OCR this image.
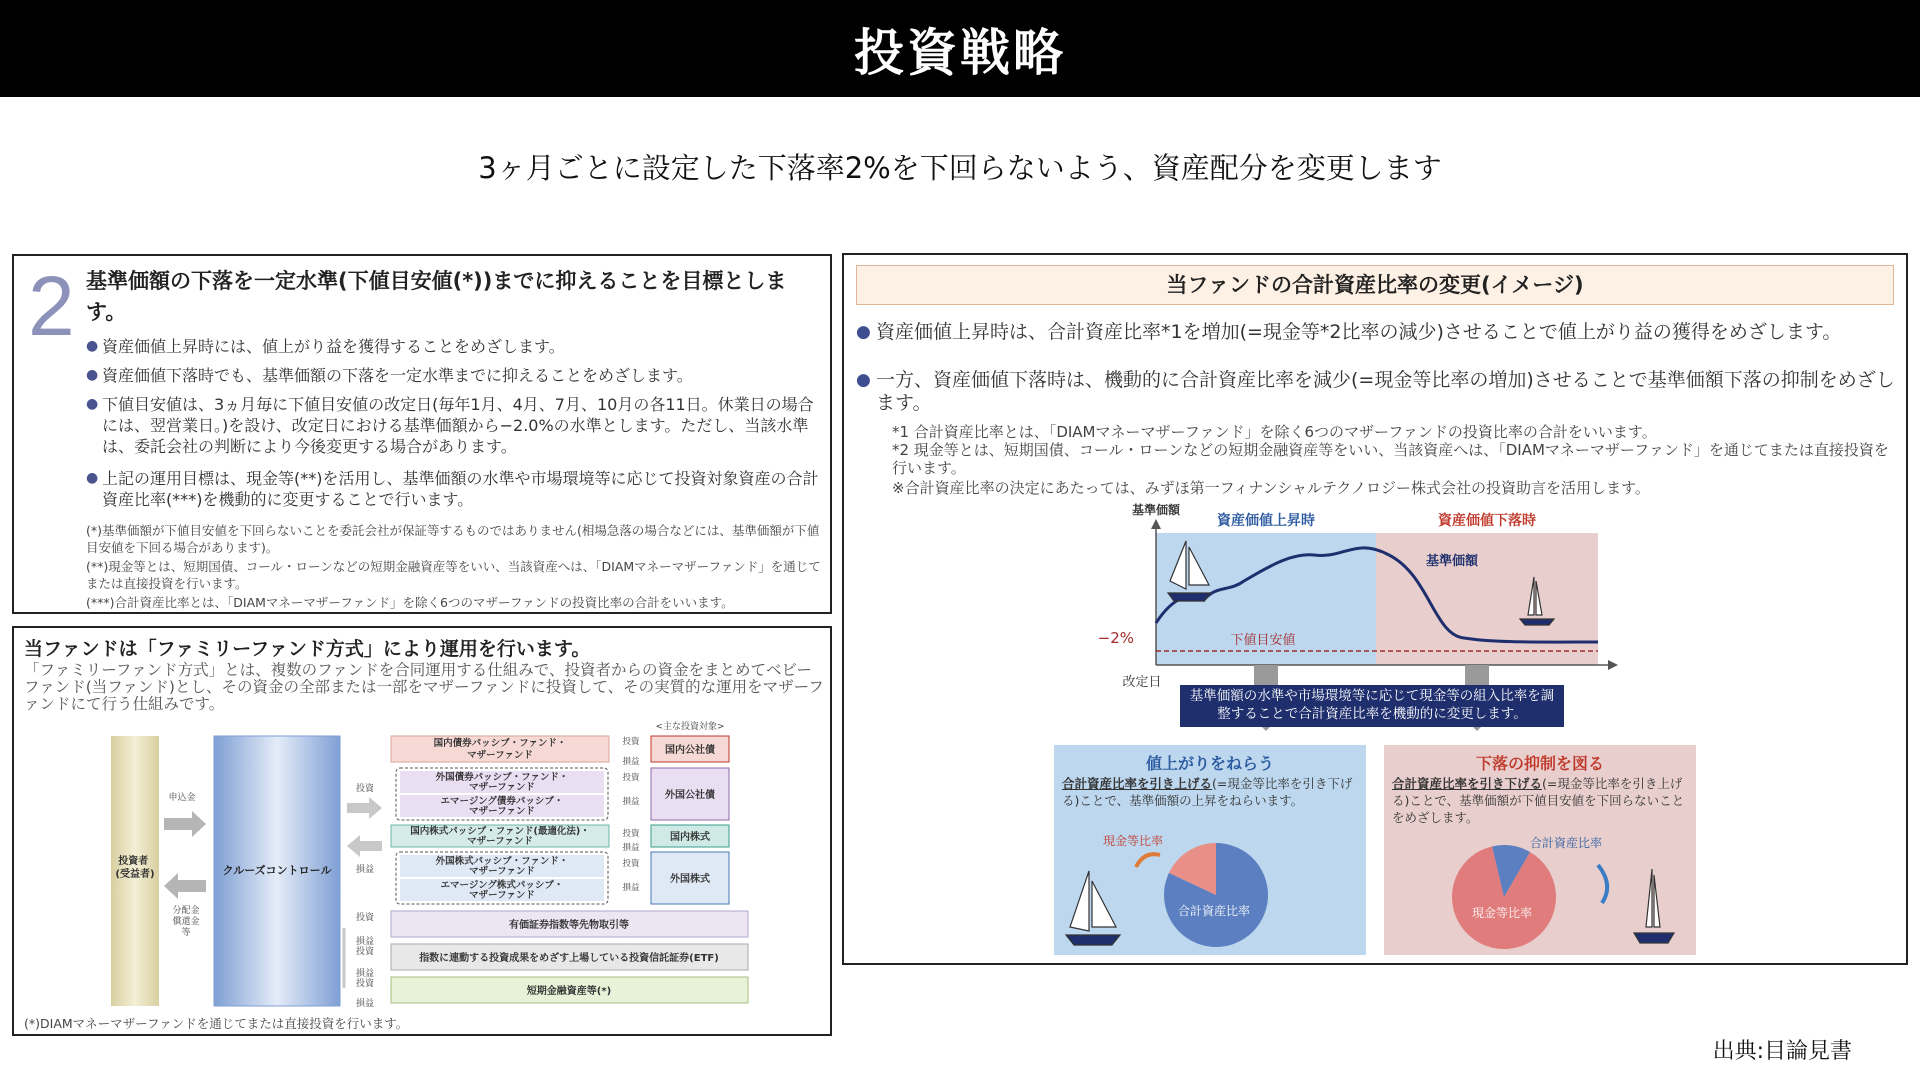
投資戦略
3ヶ月ごとに設定した下落率2%を下回らないよう、資産配分を変更します
2 基準価額の下落を一定水準(下値目安値(*))までに抑えることを目標とします。
● 資産価値上昇時には、値上がり益を獲得することをめざします。
● 資産価値下落時でも、基準価額の下落を一定水準までに抑えることをめざします。
● 下値目安値は、3ヵ月毎に下値目安値の改定日(毎年1月、4月、7月、10月の各11日。休業日の場合には、翌営業日。)を設け、改定日における基準価額から−2.0%の水準とします。ただし、当該水準は、委託会社の判断により今後変更する場合があります。
● 上記の運用目標は、現金等(**)を活用し、基準価額の水準や市場環境等に応じて投資対象資産の合計資産比率(***)を機動的に変更することで行います。
(*)基準価額が下値目安値を下回らないことを委託会社が保証等するものではありません(相場急落の場合などには、基準価額が下値目安値を下回る場合があります)。
(**)現金等とは、短期国債、コール・ローンなどの短期金融資産等をいい、当該資産へは、「DIAMマネーマザーファンド」を通じてまたは直接投資を行います。
(***)合計資産比率とは、「DIAMマネーマザーファンド」を除く6つのマザーファンドの投資比率の合計をいいます。
当ファンドは「ファミリーファンド方式」により運用を行います。
「ファミリーファンド方式」とは、複数のファンドを合同運用する仕組みで、投資者からの資金をまとめてベビーファンド(当ファンド)とし、その資金の全部または一部をマザーファンドに投資して、その実質的な運用をマザーファンドにて行う仕組みです。
投資者 (受益者)
申込金
分配金償還金等
クルーズコントロール
投資
損益
<主な投資対象>
国内債券パッシブ・ファンド・
マザーファンド
外国債券パッシブ・ファンド・
マザーファンド
エマージング債券パッシブ・
マザーファンド
国内株式パッシブ・ファンド(最適化法)・
マザーファンド
外国株式パッシブ・ファンド・
マザーファンド
エマージング株式パッシブ・
マザーファンド
投資
損益
投資
損益
投資
損益
投資
損益
国内公社債
外国公社債
国内株式
外国株式
投資
損益
投資
損益
投資
損益
有価証券指数等先物取引等
指数に連動する投資成果をめざす上場している投資信託証券(ETF)
短期金融資産等(*)
(*)DIAMマネーマザーファンドを通じてまたは直接投資を行います。
当ファンドの合計資産比率の変更(イメージ)
● 資産価値上昇時は、合計資産比率*1を増加(=現金等*2比率の減少)させることで値上がり益の獲得をめざします。
● 一方、資産価値下落時は、機動的に合計資産比率を減少(=現金等比率の増加)させることで基準価額下落の抑制をめざします。
*1 合計資産比率とは、「DIAMマネーマザーファンド」を除く6つのマザーファンドの投資比率の合計をいいます。
*2 現金等とは、短期国債、コール・ローンなどの短期金融資産等をいい、当該資産へは、「DIAMマネーマザーファンド」を通じてまたは直接投資を行います。
※合計資産比率の決定にあたっては、みずほ第一フィナンシャルテクノロジー株式会社の投資助言を活用します。
基準価額
資産価値上昇時	資産価値下落時
基準価額
下値目安値
−2%
改定日
基準価額の水準や市場環境等に応じて現金等の組入比率を調整することで合計資産比率を機動的に変更します。
値上がりをねらう
合計資産比率を引き上げる(=現金等比率を引き下げる)ことで、基準価額の上昇をねらいます。
現金等比率
合計資産比率
下落の抑制を図る
合計資産比率を引き下げる(=現金等比率を引き上げる)ことで、基準価額が下値目安値を下回らないことをめざします。
合計資産比率
現金等比率
出典:目論見書
